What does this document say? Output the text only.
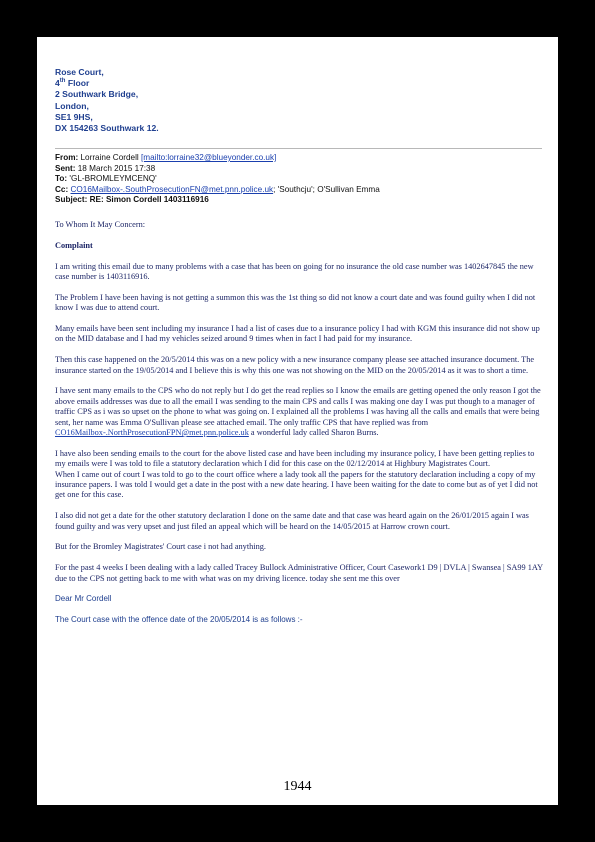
Rose Court,
4th Floor
2 Southwark Bridge,
London,
SE1 9HS,
DX 154263 Southwark 12.
From: Lorraine Cordell [mailto:lorraine32@blueyonder.co.uk]
Sent: 18 March 2015 17:38
To: 'GL-BROMLEYMCENQ'
Cc: CO16Mailbox-.SouthProsecutionFN@met.pnn.police.uk; 'Southcju'; O'Sullivan Emma
Subject: RE: Simon Cordell 1403116916

To Whom It May Concern:

Complaint

I am writing this email due to many problems with a case that has been on going for no insurance the old case number was 1402647845 the new case number is 1403116916.

The Problem I have been having is not getting a summon this was the 1st thing so did not know a court date and was found guilty when I did not know I was due to attend court.

Many emails have been sent including my insurance I had a list of cases due to a insurance policy I had with KGM this insurance did not show up on the MID database and I had my vehicles seized around 9 times when in fact I had paid for my insurance.

Then this case happened on the 20/5/2014 this was on a new policy with a new insurance company please see attached insurance document. The insurance started on the 19/05/2014 and I believe this is why this one was not showing on the MID on the 20/05/2014 as it was to short a time.

I have sent many emails to the CPS who do not reply but I do get the read replies so I know the emails are getting opened the only reason I got the above emails addresses was due to all the email I was sending to the main CPS and calls I was making one day I was put though to a manager of traffic CPS as i was so upset on the phone to what was going on. I explained all the problems I was having all the calls and emails that were being sent, her name was Emma O'Sullivan please see attached email. The only traffic CPS that have replied was from CO16Mailbox-.NorthProsecutionFPN@met.pnn.police.uk a wonderful lady called Sharon Burns.

I have also been sending emails to the court for the above listed case and have been including my insurance policy, I have been getting replies to my emails were I was told to file a statutory declaration which I did for this case on the 02/12/2014 at Highbury Magistrates Court.
When I came out of court I was told to go to the court office where a lady took all the papers for the statutory declaration including a copy of my insurance papers. I was told I would get a date in the post with a new date hearing. I have been waiting for the date to come but as of yet I did not get one for this case.

I also did not get a date for the other statutory declaration I done on the same date and that case was heard again on the 26/01/2015 again I was found guilty and was very upset and just filed an appeal which will be heard on the 14/05/2015 at Harrow crown court.

But for the Bromley Magistrates' Court case i not had anything.

For the past 4 weeks I been dealing with a lady called Tracey Bullock Administrative Officer, Court Casework1 D9 | DVLA | Swansea | SA99 1AY due to the CPS not getting back to me with what was on my driving licence. today she sent me this over

Dear Mr Cordell

The Court case with the offence date of the 20/05/2014 is as follows :-

1944
